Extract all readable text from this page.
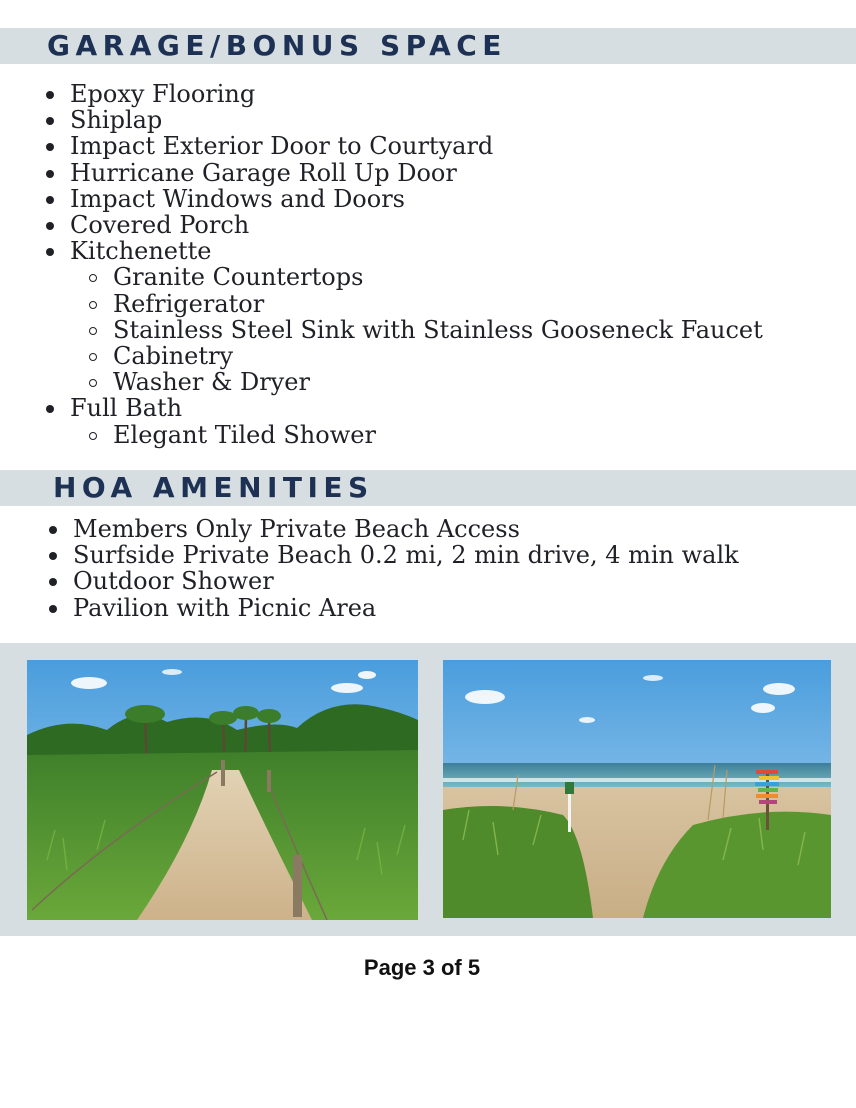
GARAGE/BONUS SPACE
Epoxy Flooring
Shiplap
Impact Exterior Door to Courtyard
Hurricane Garage Roll Up Door
Impact Windows and Doors
Covered Porch
Kitchenette
Granite Countertops
Refrigerator
Stainless Steel Sink with Stainless Gooseneck Faucet
Cabinetry
Washer & Dryer
Full Bath
Elegant Tiled Shower
HOA AMENITIES
Members Only Private Beach Access
Surfside Private Beach 0.2 mi, 2 min drive, 4 min walk
Outdoor Shower
Pavilion with Picnic Area
Page 3 of 5
